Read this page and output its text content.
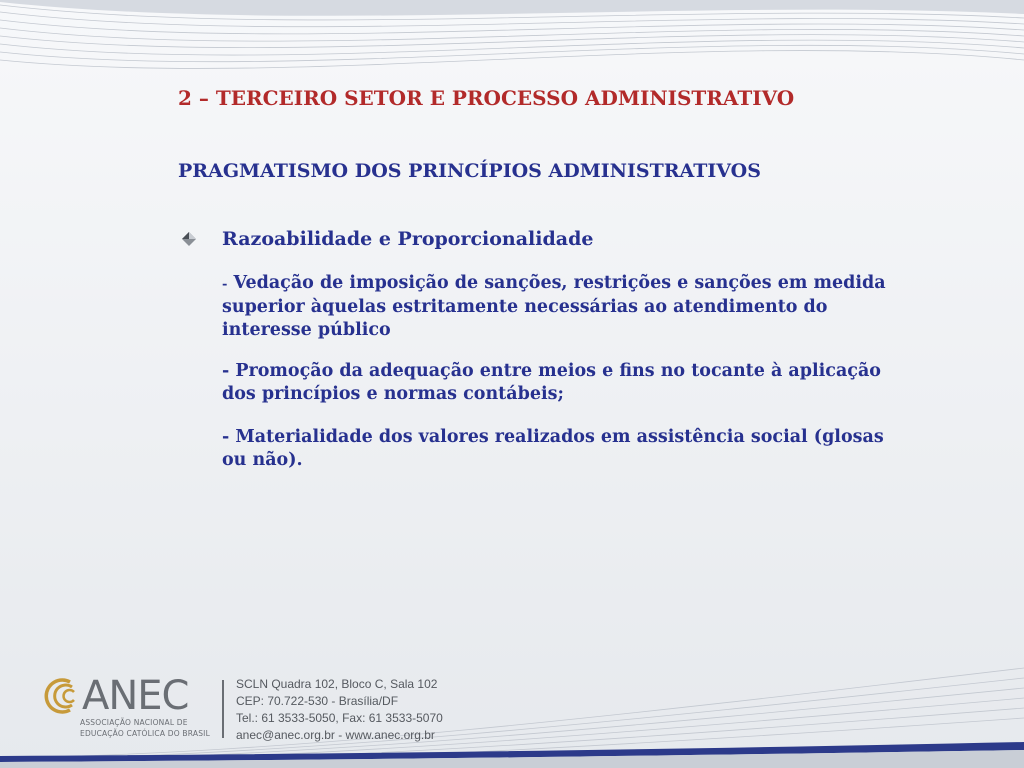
2 – TERCEIRO SETOR E PROCESSO ADMINISTRATIVO
PRAGMATISMO DOS PRINCÍPIOS ADMINISTRATIVOS
Razoabilidade e Proporcionalidade

- Vedação de imposição de sanções, restrições e sanções em medida superior àquelas estritamente necessárias ao atendimento do interesse público

- Promoção da adequação entre meios e fins no tocante à aplicação dos princípios e normas contábeis;

- Materialidade dos valores realizados em assistência social (glosas ou não).

ANEC
ASSOCIAÇÃO NACIONAL DE
EDUCAÇÃO CATÓLICA DO BRASIL
SCLN Quadra 102, Bloco C, Sala 102
CEP: 70.722-530 - Brasília/DF
Tel.: 61 3533-5050, Fax: 61 3533-5070
anec@anec.org.br - www.anec.org.br
